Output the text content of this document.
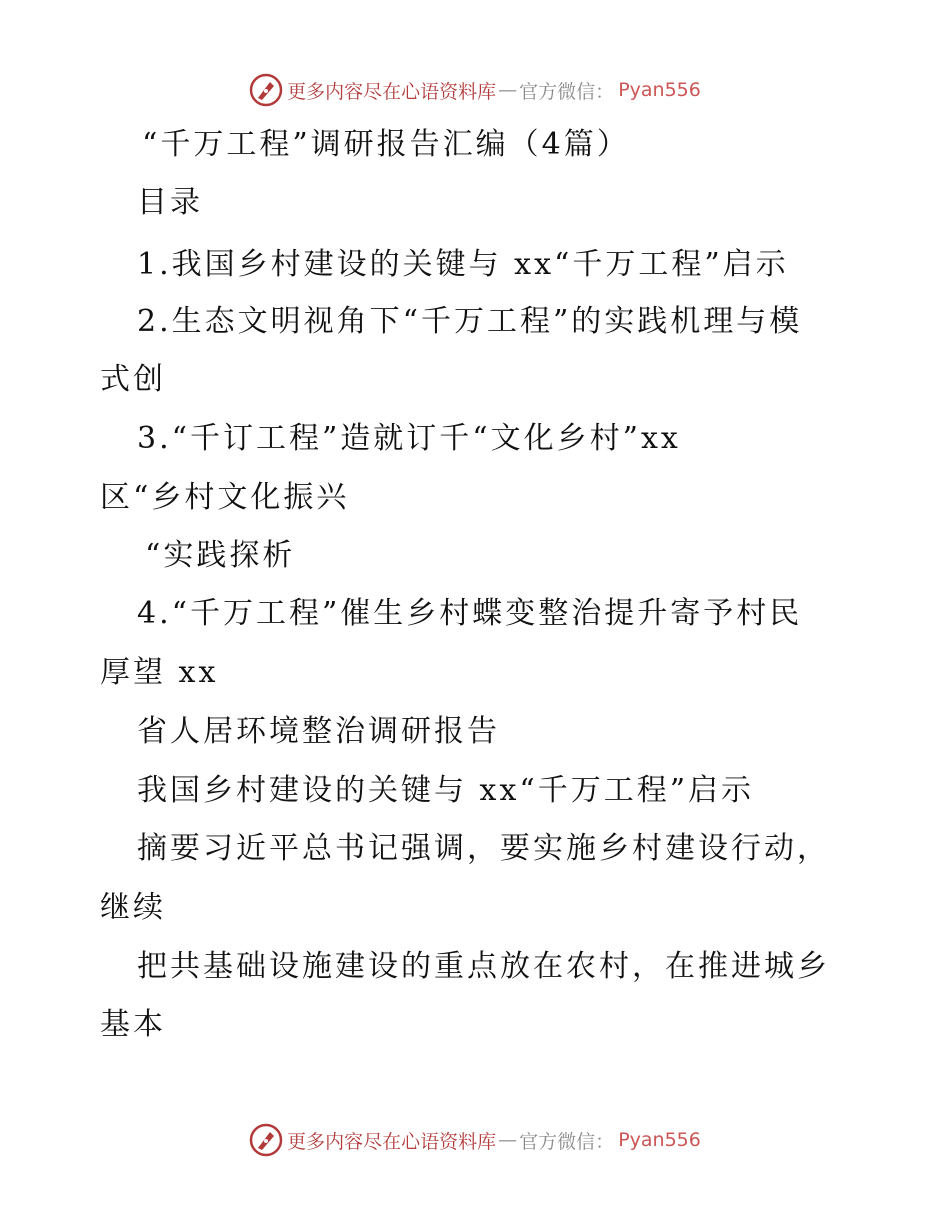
更多内容尽在心语资料库 — 官方微信： Pyan556
“千万工程”调研报告汇编（4篇）
目录
1.我国乡村建设的关键与 xx“千万工程”启示
2.生态文明视角下“千万工程”的实践机理与模
式创
3.“千订工程”造就订千“文化乡村”xx
区“乡村文化振兴
“实践探析
4.“千万工程”催生乡村蝶变整治提升寄予村民
厚望 xx
省人居环境整治调研报告
我国乡村建设的关键与 xx“千万工程”启示
摘要习近平总书记强调，要实施乡村建设行动，
继续
把共基础设施建设的重点放在农村，在推进城乡
基本
更多内容尽在心语资料库 — 官方微信： Pyan556
